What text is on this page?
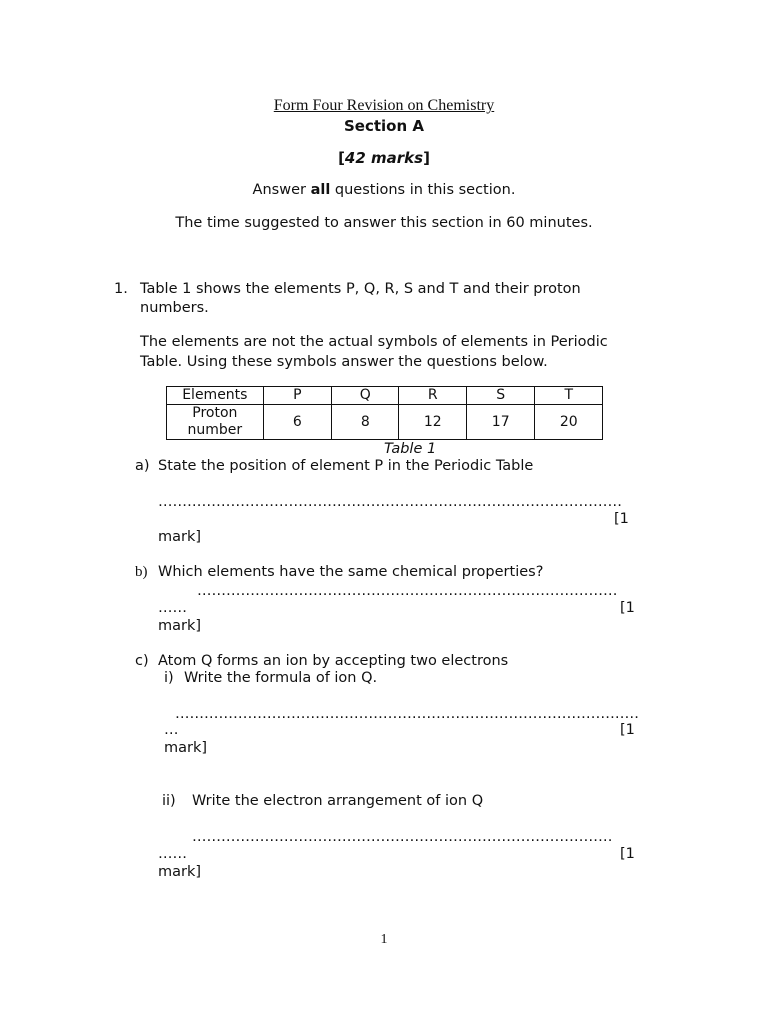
Form Four Revision on Chemistry
Section A
[42 marks]
Answer all questions in this section.
The time suggested to answer this section in 60 minutes.
1. Table 1 shows the elements P, Q, R, S and T and their proton
numbers.
The elements are not the actual symbols of elements in Periodic
Table. Using these symbols answer the questions below.
Elements	P	Q	R	S	T
Proton
number	6	8	12	17	20
Table 1
a) State the position of element P in the Periodic Table
……………………………………………………………………………………
[1
mark]
b) Which elements have the same chemical properties?
……………………………………………………………………………
……	[1
mark]
c) Atom Q forms an ion by accepting two electrons
i) Write the formula of ion Q.
……………………………………………………………………………………
…	[1
mark]
ii) Write the electron arrangement of ion Q
……………………………………………………………………………
……	[1
mark]
1
